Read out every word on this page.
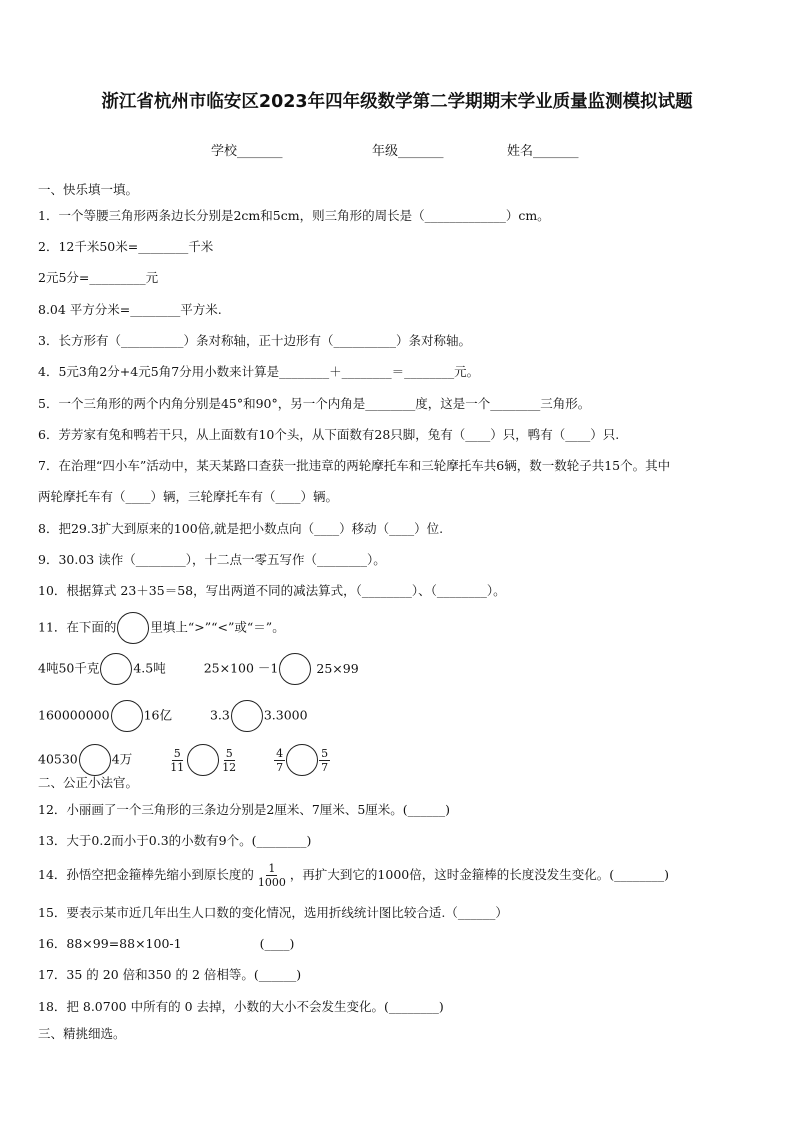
浙江省杭州市临安区2023年四年级数学第二学期期末学业质量监测模拟试题
学校_______	年级_______	姓名_______
一、快乐填一填。
1．一个等腰三角形两条边长分别是2cm和5cm，则三角形的周长是（_____________）cm。
2．12千米50米=________千米
2元5分=_________元
8.04 平方分米=________平方米.
3．长方形有（__________）条对称轴，正十边形有（__________）条对称轴。
4．5元3角2分+4元5角7分用小数来计算是________＋________＝________元。
5．一个三角形的两个内角分别是45°和90°，另一个内角是________度，这是一个________三角形。
6．芳芳家有兔和鸭若干只，从上面数有10个头，从下面数有28只脚，兔有（____）只，鸭有（____）只.
7．在治理“四小车”活动中，某天某路口查获一批违章的两轮摩托车和三轮摩托车共6辆，数一数轮子共15个。其中
两轮摩托车有（____）辆，三轮摩托车有（____）辆。
8．把29.3扩大到原来的100倍,就是把小数点向（____）移动（____）位.
9．30.03 读作（________），十二点一零五写作（________）。
10．根据算式 23＋35＝58，写出两道不同的减法算式，（________）、（________）。
11．在下面的	里填上“>”“<”或“＝”。
4吨50千克	4.5吨	25×100 －1	25×99
160000000	16亿	3.3	3.3000
40530	4万	$\frac{5}{11}$	$\frac{5}{12}$
	$\frac{4}{7}$	$\frac{5}{7}$
二、公正小法官。
12．小丽画了一个三角形的三条边分别是2厘米、7厘米、5厘米。(______)
13．大于0.2而小于0.3的小数有9个。(________)
14．孙悟空把金箍棒先缩小到原长度的 $\frac{1}{1000}$ ，再扩大到它的1000倍，这时金箍棒的长度没发生变化。(________)
15．要表示某市近几年出生人口数的变化情况，选用折线统计图比较合适.（______）
16．88×99=88×100-1	(____)
17．35 的 20 倍和350 的 2 倍相等。(______)
18．把 8.0700 中所有的 0 去掉，小数的大小不会发生变化。(________)
三、精挑细选。
